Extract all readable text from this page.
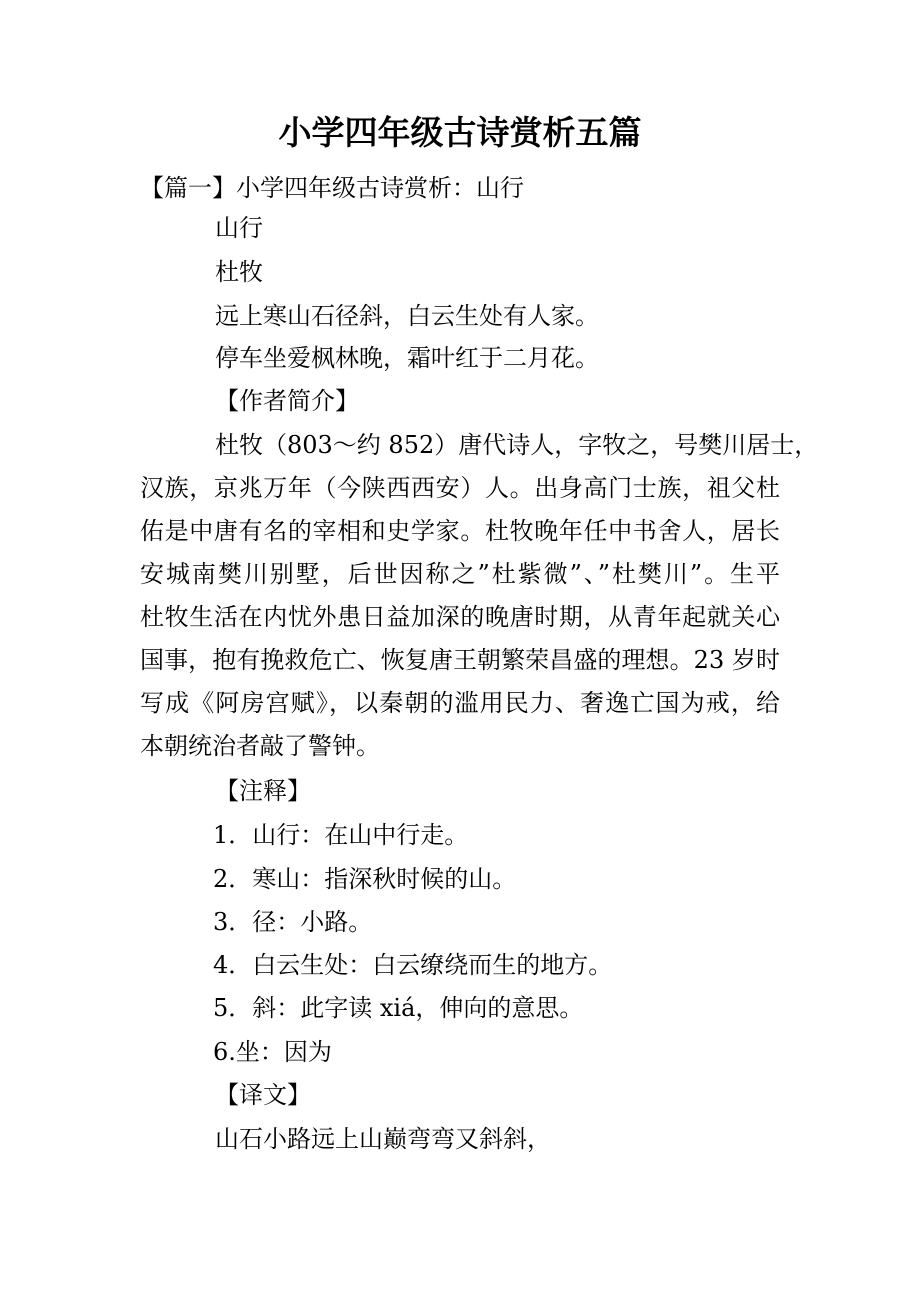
小学四年级古诗赏析五篇

【篇一】小学四年级古诗赏析：山行

山行

杜牧

远上寒山石径斜，白云生处有人家。

停车坐爱枫林晚，霜叶红于二月花。

【作者简介】

杜牧（803～约 852）唐代诗人，字牧之，号樊川居士，
汉族，京兆万年（今陕西西安）人。出身高门士族，祖父杜
佑是中唐有名的宰相和史学家。杜牧晚年任中书舍人，居长
安城南樊川别墅，后世因称之”杜紫微”、”杜樊川”。生平
杜牧生活在内忧外患日益加深的晚唐时期，从青年起就关心
国事，抱有挽救危亡、恢复唐王朝繁荣昌盛的理想。23 岁时
写成《阿房宫赋》，以秦朝的滥用民力、奢逸亡国为戒，给
本朝统治者敲了警钟。

【注释】

1．山行：在山中行走。

2．寒山：指深秋时候的山。

3．径：小路。

4．白云生处：白云缭绕而生的地方。

5．斜：此字读 xiá，伸向的意思。

6.坐：因为

【译文】

山石小路远上山巅弯弯又斜斜，
